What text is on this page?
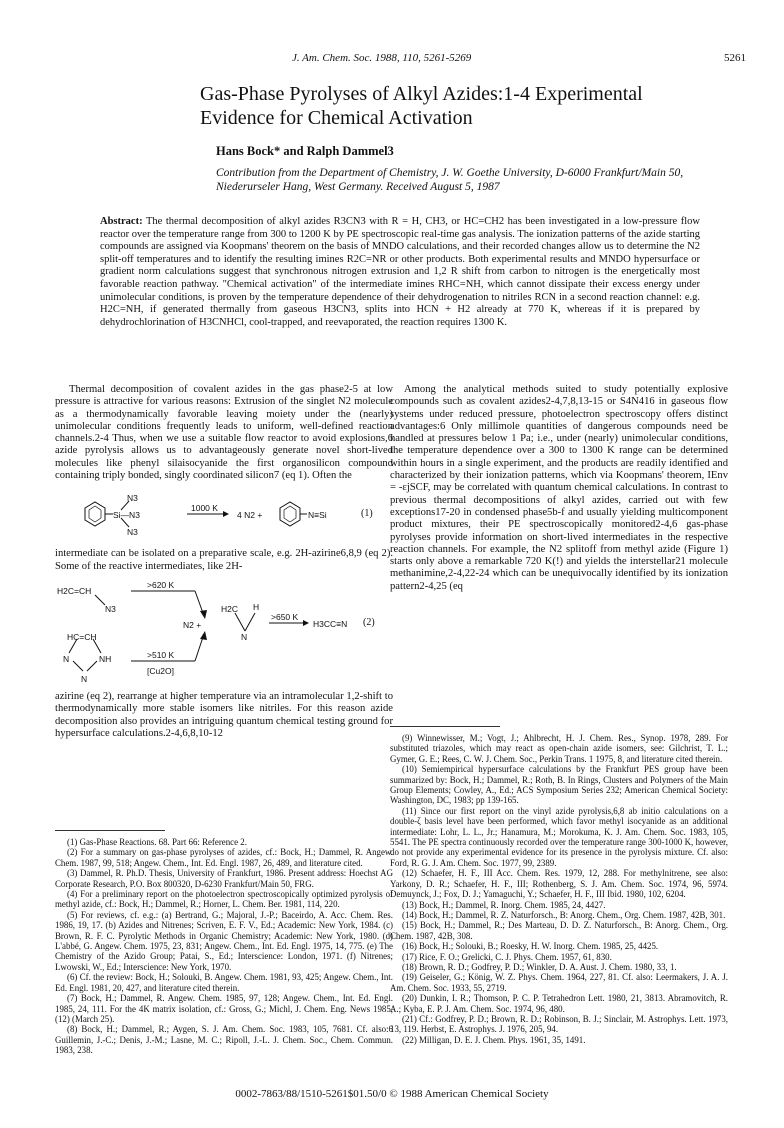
J. Am. Chem. Soc. 1988, 110, 5261-5269	5261
Gas-Phase Pyrolyses of Alkyl Azides:1-4 Experimental Evidence for Chemical Activation
Hans Bock* and Ralph Dammel3
Contribution from the Department of Chemistry, J. W. Goethe University, D-6000 Frankfurt/Main 50, Niederurseler Hang, West Germany. Received August 5, 1987
Abstract: The thermal decomposition of alkyl azides R3CN3 with R = H, CH3, or HC=CH2 has been investigated in a low-pressure flow reactor over the temperature range from 300 to 1200 K by PE spectroscopic real-time gas analysis. The ionization patterns of the azide starting compounds are assigned via Koopmans' theorem on the basis of MNDO calculations, and their recorded changes allow us to determine the N2 split-off temperatures and to identify the resulting imines R2C=NR or other products. Both experimental results and MNDO hypersurface or gradient norm calculations suggest that synchronous nitrogen extrusion and 1,2 R shift from carbon to nitrogen is the energetically most favorable reaction pathway. "Chemical activation" of the intermediate imines RHC=NH, which cannot dissipate their excess energy under unimolecular conditions, is proven by the temperature dependence of their dehydrogenation to nitriles RCN in a second reaction channel: e.g. H2C=NH, if generated thermally from gaseous H3CN3, splits into HCN + H2 already at 770 K, whereas if it is prepared by dehydrochlorination of H3CNHCl, cool-trapped, and reevaporated, the reaction requires 1300 K.

Thermal decomposition of covalent azides in the gas phase2-5 at low pressure is attractive for various reasons: Extrusion of the singlet N2 molecule as a thermodynamically favorable leaving moiety under the (nearly) unimolecular conditions frequently leads to uniform, well-defined reaction channels.2-4 Thus, when we use a suitable flow reactor to avoid explosions,6 azide pyrolysis allows us to advantageously generate novel short-lived molecules like phenyl silaisocyanide the first organosilicon compound containing triply bonded, singly coordinated silicon7 (eq 1). Often the

N3
Si—N3
N3
1000 K
4 N2 +	N≡Si	(1)

intermediate can be isolated on a preparative scale, e.g. 2H-azirine6,8,9 (eq 2). Some of the reactive intermediates, like 2H-

H2C=CH
N3
>620 K
N2 +
H2C H
N
>650 K
H3CC≡N (2)
HC=CH
N	NH
N
>510 K
[Cu2O]

azirine (eq 2), rearrange at higher temperature via an intramolecular 1,2-shift to thermodynamically more stable isomers like nitriles. For this reason azide decomposition also provides an intriguing quantum chemical testing ground for hypersurface calculations.2-4,6,8,10-12

Among the analytical methods suited to study potentially explosive compounds such as covalent azides2-4,7,8,13-15 or S4N416 in gaseous flow systems under reduced pressure, photoelectron spectroscopy offers distinct advantages:6 Only millimole quantities of dangerous compounds need be handled at pressures below 1 Pa; i.e., under (nearly) unimolecular conditions, the temperature dependence over a 300 to 1300 K range can be determined within hours in a single experiment, and the products are readily identified and characterized by their ionization patterns, which via Koopmans' theorem, IEnv = -εjSCF, may be correlated with quantum chemical calculations. In contrast to previous thermal decompositions of alkyl azides, carried out with few exceptions17-20 in condensed phase5b-f and usually yielding multicomponent product mixtures, their PE spectroscopically monitored2-4,6 gas-phase pyrolyses provide information on short-lived intermediates in the respective reaction channels. For example, the N2 splitoff from methyl azide (Figure 1) starts only above a remarkable 720 K(!) and yields the interstellar21 molecule methanimine,2-4,22-24 which can be unequivocally identified by its ionization pattern2-4,25 (eq

(1) Gas-Phase Reactions. 68. Part 66: Reference 2.

(2) For a summary on gas-phase pyrolyses of azides, cf.: Bock, H.; Dammel, R. Angew. Chem. 1987, 99, 518; Angew. Chem., Int. Ed. Engl. 1987, 26, 489, and literature cited.

(3) Dammel, R. Ph.D. Thesis, University of Frankfurt, 1986. Present address: Hoechst AG Corporate Research, P.O. Box 800320, D-6230 Frankfurt/Main 50, FRG.

(4) For a preliminary report on the photoelectron spectroscopically optimized pyrolysis of methyl azide, cf.: Bock, H.; Dammel, R.; Horner, L. Chem. Ber. 1981, 114, 220.

(5) For reviews, cf. e.g.: (a) Bertrand, G.; Majoral, J.-P.; Baceirdo, A. Acc. Chem. Res. 1986, 19, 17. (b) Azides and Nitrenes; Scriven, E. F. V., Ed.; Academic: New York, 1984. (c) Brown, R. F. C. Pyrolytic Methods in Organic Chemistry; Academic: New York, 1980. (d) L'abbé, G. Angew. Chem. 1975, 23, 831; Angew. Chem., Int. Ed. Engl. 1975, 14, 775. (e) The Chemistry of the Azido Group; Patai, S., Ed.; Interscience: London, 1971. (f) Nitrenes; Lwowski, W., Ed.; Interscience: New York, 1970.

(6) Cf. the review: Bock, H.; Solouki, B. Angew. Chem. 1981, 93, 425; Angew. Chem., Int. Ed. Engl. 1981, 20, 427, and literature cited therein.

(7) Bock, H.; Dammel, R. Angew. Chem. 1985, 97, 128; Angew. Chem., Int. Ed. Engl. 1985, 24, 111. For the 4K matrix isolation, cf.: Gross, G.; Michl, J. Chem. Eng. News 1985, (12) (March 25).

(8) Bock, H.; Dammel, R.; Aygen, S. J. Am. Chem. Soc. 1983, 105, 7681. Cf. also:6 Guillemin, J.-C.; Denis, J.-M.; Lasne, M. C.; Ripoll, J.-L. J. Chem. Soc., Chem. Commun. 1983, 238.

(9) Winnewisser, M.; Vogt, J.; Ahlbrecht, H. J. Chem. Res., Synop. 1978, 289. For substituted triazoles, which may react as open-chain azide isomers, see: Gilchrist, T. L.; Gymer, G. E.; Rees, C. W. J. Chem. Soc., Perkin Trans. 1 1975, 8, and literature cited therein.

(10) Semiempirical hypersurface calculations by the Frankfurt PES group have been summarized by: Bock, H.; Dammel, R.; Roth, B. In Rings, Clusters and Polymers of the Main Group Elements; Cowley, A., Ed.; ACS Symposium Series 232; American Chemical Society: Washington, DC, 1983; pp 139-165.

(11) Since our first report on the vinyl azide pyrolysis,6,8 ab initio calculations on a double-ζ basis level have been performed, which favor methyl isocyanide as an additional intermediate: Lohr, L. L., Jr.; Hanamura, M.; Morokuma, K. J. Am. Chem. Soc. 1983, 105, 5541. The PE spectra continuously recorded over the temperature range 300-1000 K, however, do not provide any experimental evidence for its presence in the pyrolysis mixture. Cf. also: Ford, R. G. J. Am. Chem. Soc. 1977, 99, 2389.

(12) Schaefer, H. F., III Acc. Chem. Res. 1979, 12, 288. For methylnitrene, see also: Yarkony, D. R.; Schaefer, H. F., III; Rothenberg, S. J. Am. Chem. Soc. 1974, 96, 5974. Demuynck, J.; Fox, D. J.; Yamaguchi, Y.; Schaefer, H. F., III Ibid. 1980, 102, 6204.

(13) Bock, H.; Dammel, R. Inorg. Chem. 1985, 24, 4427.

(14) Bock, H.; Dammel, R. Z. Naturforsch., B: Anorg. Chem., Org. Chem. 1987, 42B, 301.

(15) Bock, H.; Dammel, R.; Des Marteau, D. D. Z. Naturforsch., B: Anorg. Chem., Org. Chem. 1987, 42B, 308.

(16) Bock, H.; Solouki, B.; Roesky, H. W. Inorg. Chem. 1985, 25, 4425.

(17) Rice, F. O.; Grelicki, C. J. Phys. Chem. 1957, 61, 830.

(18) Brown, R. D.; Godfrey, P. D.; Winkler, D. A. Aust. J. Chem. 1980, 33, 1.

(19) Geiseler, G.; König, W. Z. Phys. Chem. 1964, 227, 81. Cf. also: Leermakers, J. A. J. Am. Chem. Soc. 1933, 55, 2719.

(20) Dunkin, I. R.; Thomson, P. C. P. Tetrahedron Lett. 1980, 21, 3813. Abramovitch, R. A.; Kyba, E. P. J. Am. Chem. Soc. 1974, 96, 480.

(21) Cf.: Godfrey, P. D.; Brown, R. D.; Robinson, B. J.; Sinclair, M. Astrophys. Lett. 1973, 13, 119. Herbst, E. Astrophys. J. 1976, 205, 94.

(22) Milligan, D. E. J. Chem. Phys. 1961, 35, 1491.

0002-7863/88/1510-5261$01.50/0 © 1988 American Chemical Society
